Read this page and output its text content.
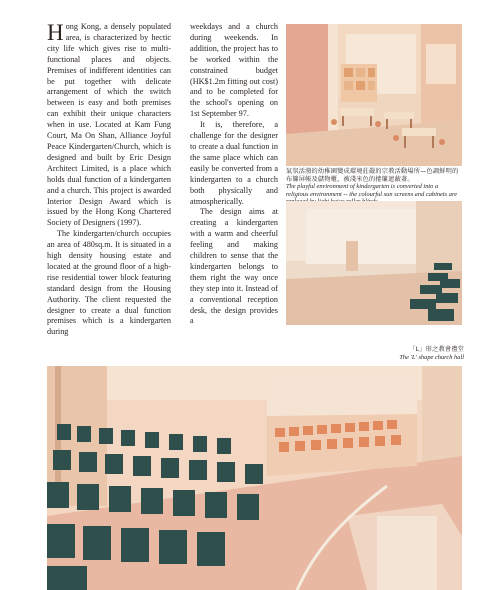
Hong Kong, a densely populated area, is characterized by hectic city life which gives rise to multi-functional places and objects. Premises of indifferent identities can be put together with delicate arrangement of which the switch between is easy and both premises can exhibit their unique characters when in use. Located at Kam Fung Court, Ma On Shan, Alliance Joyful Peace Kindergarten/Church, which is designed and built by Eric Design Architect Limited, is a place which holds dual function of a kindergarten and a church. This project is awarded Interior Design Award which is issued by the Hong Kong Chartered Society of Designers (1997).

The kindergarten/church occupies an area of 480sq.m. It is situated in a high density housing estate and located at the ground floor of a high-rise residential tower block featuring standard design from the Housing Authority. The client requested the designer to create a dual function premises which is a kindergarten during

weekdays and a church during weekends. In addition, the project has to be worked within the constrained budget (HK$1.2m fitting out cost) and to be completed for the school's opening on 1st September 97.

It is, therefore, a challenge for the designer to create a dual function in the same place which can easily be converted from a kindergarten to a church both physically and atmospherically.

The design aims at creating a kindergarten with a warm and cheerful feeling and making children to sense that the kindergarten belongs to them right the way once they step into it. Instead of a conventional reception desk, the design provides a

氣氛活潑的幼稚園變成環境莊嚴的宗教活動場所—色調鮮明的布簾屏帳及儲物櫃，被淺米色的捲簾遮蔽著。
The playful environment of kindergarten is converted into a religious environment -- the colourful sun screens and cabinets are
「L」形之教會禮堂
The 'L' shape church hall
